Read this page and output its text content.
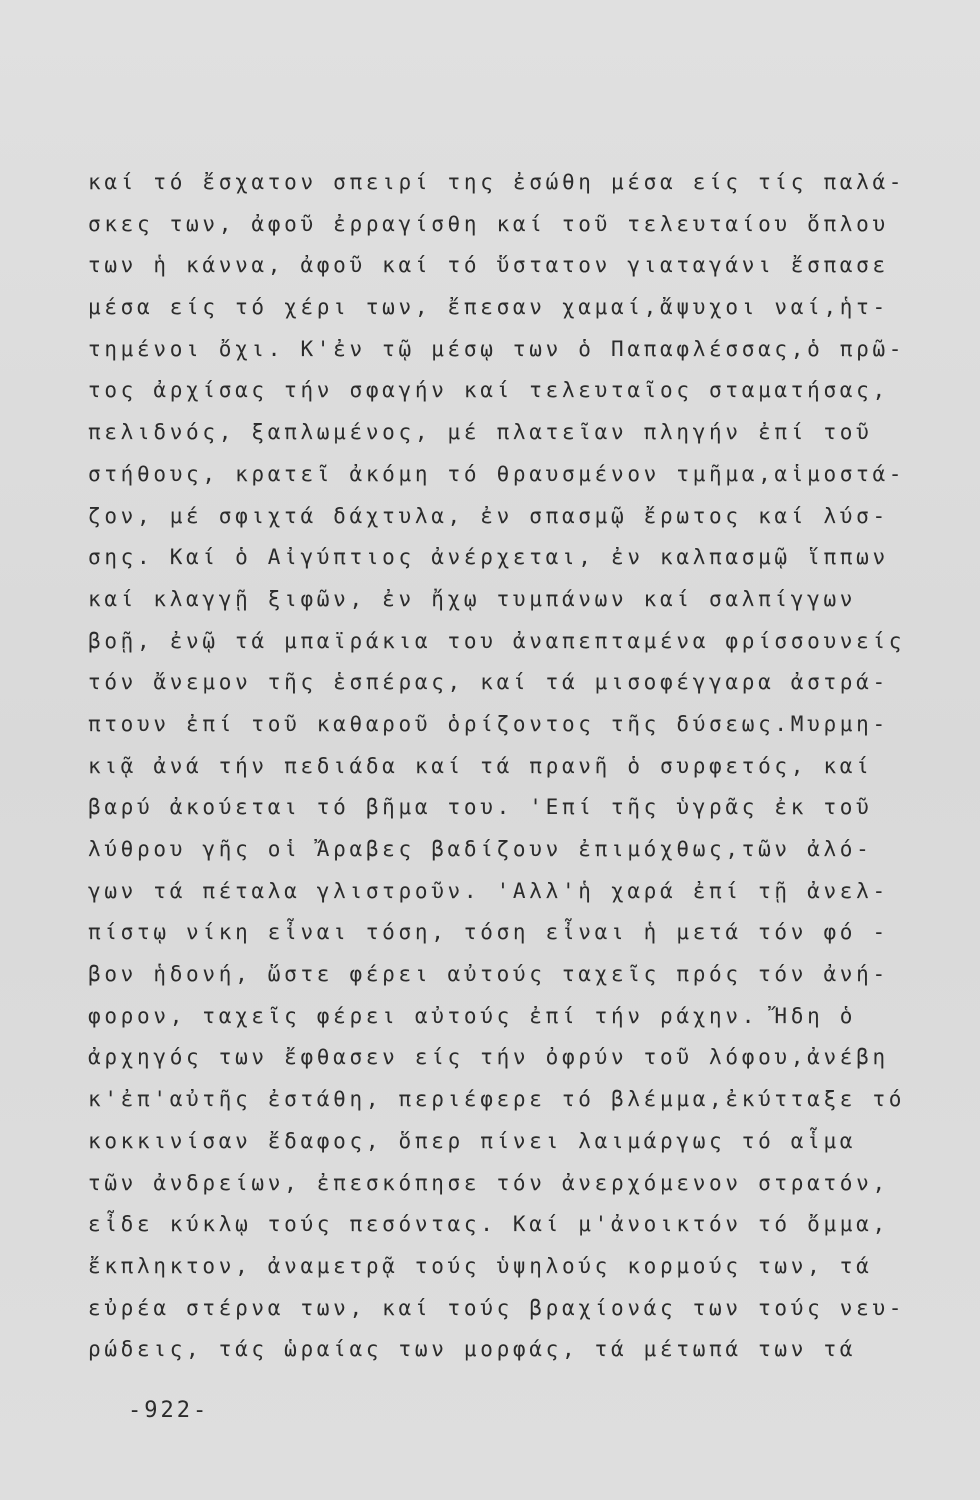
καί τό ἔσχατον σπειρί της ἐσώθη μέσα είς τίς παλά-
σκες των, ἀφοῦ ἐρραγίσθη καί τοῦ τελευταίου ὅπλου
των ἡ κάννα, ἀφοῦ καί τό ὕστατον γιαταγάνι ἔσπασε
μέσα είς τό χέρι των, ἔπεσαν χαμαί,ἄψυχοι ναί,ἡτ-
τημένοι ὄχι. Κ'ἐν τῷ μέσῳ των ὁ Παπαφλέσσας,ὁ πρῶ-
τος ἀρχίσας τήν σφαγήν καί τελευταῖος σταματήσας,
πελιδνός, ξαπλωμένος, μέ πλατεῖαν πληγήν ἐπί τοῦ
στήθους, κρατεῖ ἀκόμη τό θραυσμένον τμῆμα,αἱμοστά-
ζον, μέ σφιχτά δάχτυλα, ἐν σπασμῷ ἔρωτος καί λύσ-
σης. Καί ὁ Αἰγύπτιος ἀνέρχεται, ἐν καλπασμῷ ἵππων
καί κλαγγῇ ξιφῶν, ἐν ἤχῳ τυμπάνων καί σαλπίγγων
βοῇ, ἐνῷ τά μπαϊράκια του ἀναπεπταμένα φρίσσουνείς
τόν ἄνεμον τῆς ἑσπέρας, καί τά μισοφέγγαρα ἀστρά-
πτουν ἐπί τοῦ καθαροῦ ὁρίζοντος τῆς δύσεως.Μυρμη-
κιᾷ ἀνά τήν πεδιάδα καί τά πρανῆ ὁ συρφετός, καί
βαρύ ἀκούεται τό βῆμα του. 'Επί τῆς ὑγρᾶς ἐκ τοῦ
λύθρου γῆς οἱ Ἄραβες βαδίζουν ἐπιμόχθως,τῶν ἀλό-
γων τά πέταλα γλιστροῦν. 'Αλλ'ἡ χαρά ἐπί τῇ ἀνελ-
πίστῳ νίκη εἶναι τόση, τόση εἶναι ἡ μετά τόν φό -
βον ἡδονή, ὥστε φέρει αὐτούς ταχεῖς πρός τόν ἀνή-
φορον, ταχεῖς φέρει αὐτούς ἐπί τήν ράχην. Ἤδη ὁ
ἀρχηγός των ἔφθασεν είς τήν ὀφρύν τοῦ λόφου,ἀνέβη
κ'ἐπ'αὐτῆς ἐστάθη, περιέφερε τό βλέμμα,ἐκύτταξε τό
κοκκινίσαν ἔδαφος, ὅπερ πίνει λαιμάργως τό αἷμα
τῶν ἀνδρείων, ἐπεσκόπησε τόν ἀνερχόμενον στρατόν,
εἶδε κύκλῳ τούς πεσόντας. Καί μ'ἀνοικτόν τό ὄμμα,
ἔκπληκτον, ἀναμετρᾷ τούς ὑψηλούς κορμούς των, τά
εὐρέα στέρνα των, καί τούς βραχίονάς των τούς νευ-
ρώδεις, τάς ὡραίας των μορφάς, τά μέτωπά των τά
-922-
